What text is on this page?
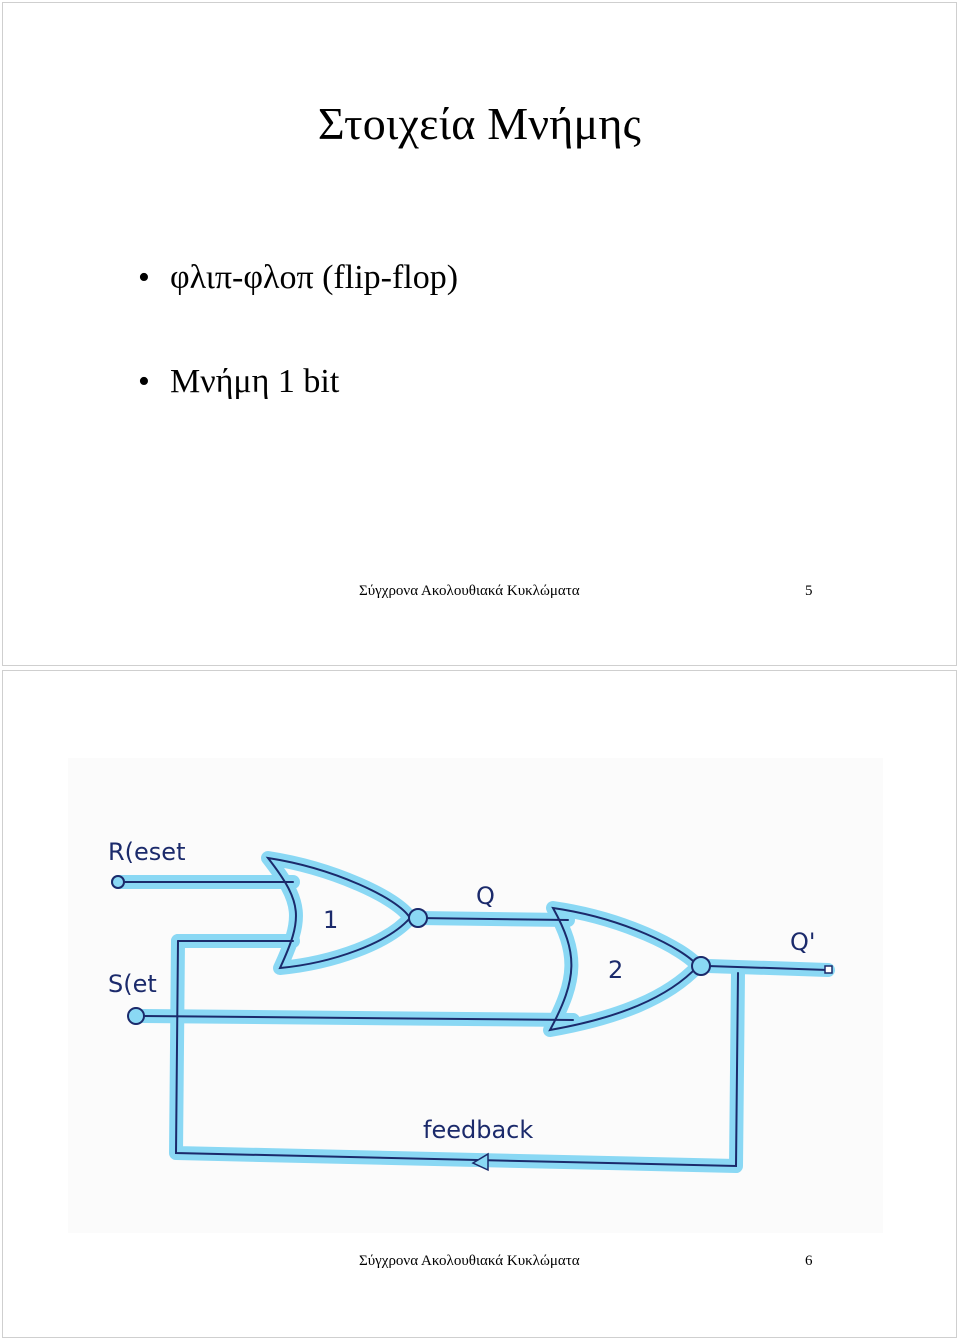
Στοιχεία Μνήμης
• φλιπ-φλοπ (flip-flop)
• Μνήμη 1 bit
Σύγχρονα Ακολουθιακά Κυκλώματα	5
R(eset
S(et
1
2
Q
Q'
feedback
Σύγχρονα Ακολουθιακά Κυκλώματα	6
